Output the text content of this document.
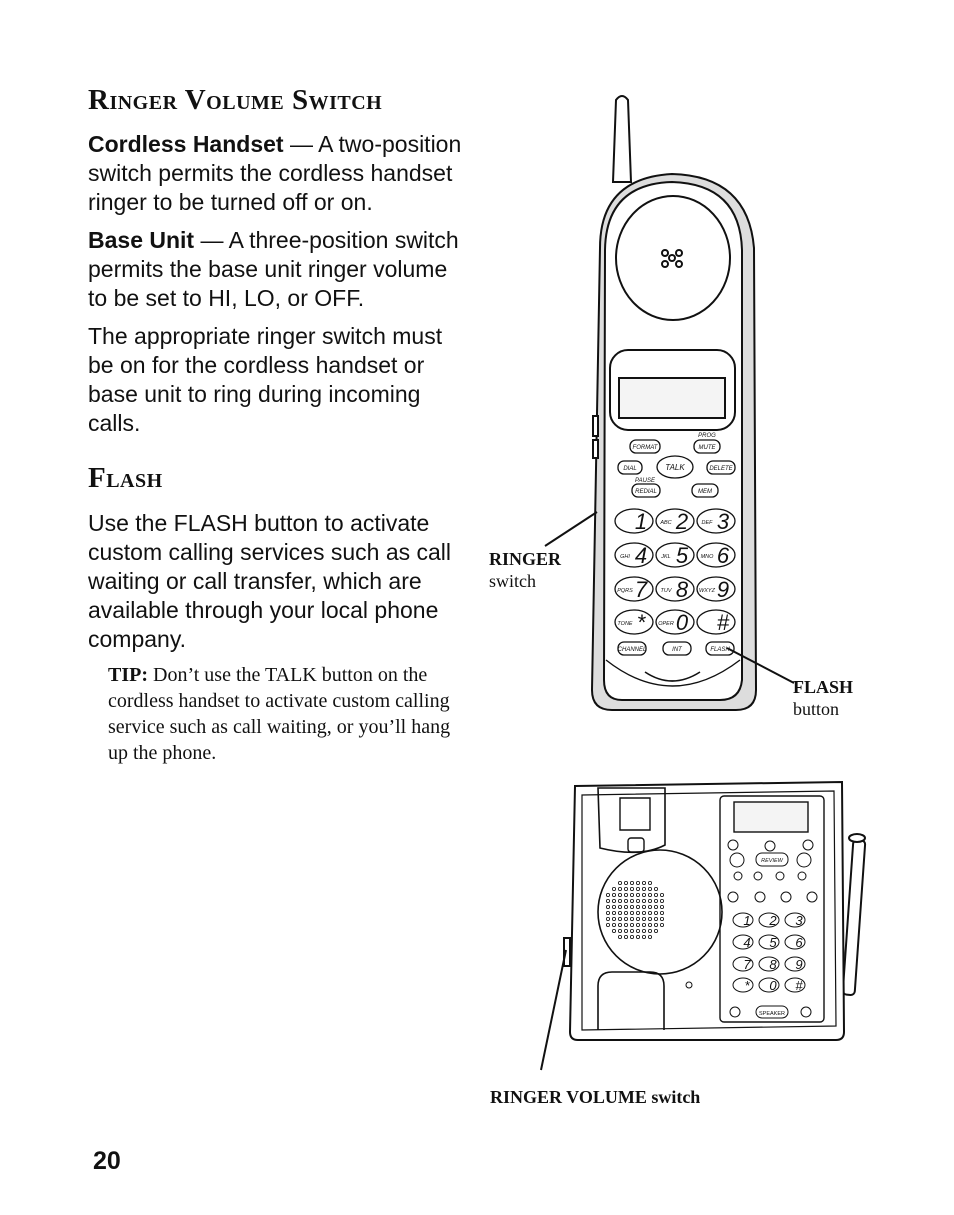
Ringer Volume Switch

Cordless Handset — A two-position switch permits the cordless handset ringer to be turned off or on.

Base Unit — A three-position switch permits the base unit ringer volume to be set to HI, LO, or OFF.

The appropriate ringer switch must be on for the cordless handset or base unit to ring during incoming calls.

Flash

Use the FLASH button to activate custom calling services such as call waiting or call transfer, which are available through your local phone company.

TIP: Don’t use the TALK button on the cordless handset to activate custom calling service such as call waiting, or you’ll hang up the phone.

20
RINGER
switch
FLASH
button
RINGER VOLUME switch
FORMAT
PROG
MUTE
DIAL	TALK	DELETE
PAUSE
REDIAL	MEM
CHANNEL	INT	FLASH
1 2
ABC 3
DEF
4
GHI 5
JKL 6
MNO
7
PQRS 8
TUV 9
WXYZ
*
TONE 0
OPER #
REVIEW
SPEAKER
1 2 3
4 5 6
7 8 9
* 0 #
